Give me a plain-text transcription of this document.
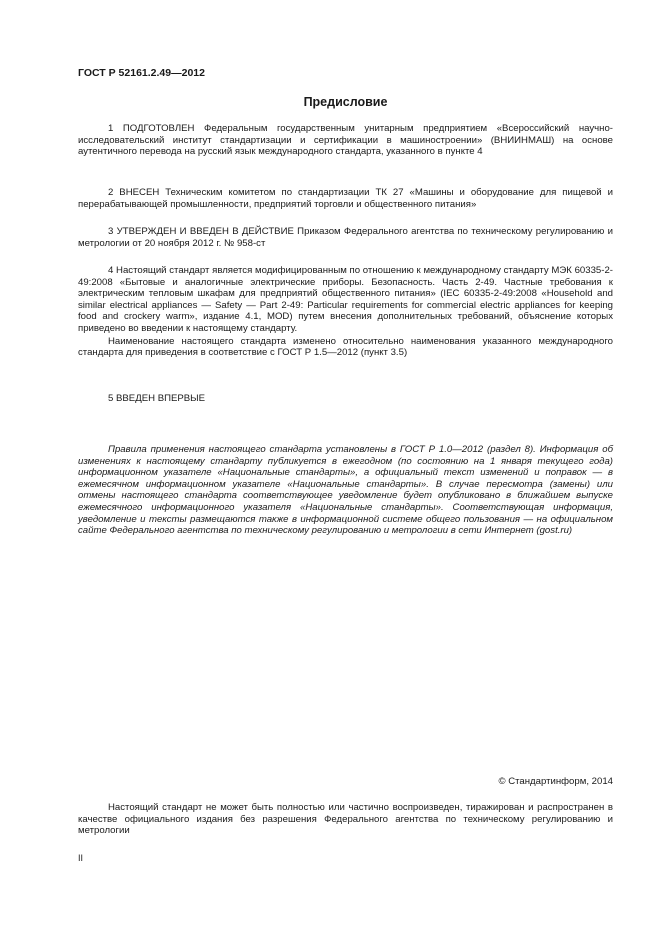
ГОСТ Р 52161.2.49—2012
Предисловие

1 ПОДГОТОВЛЕН Федеральным государственным унитарным предприятием «Всероссийский научно-исследовательский институт стандартизации и сертификации в машиностроении» (ВНИИНМАШ) на основе аутентичного перевода на русский язык международного стандарта, указанного в пункте 4

2 ВНЕСЕН Техническим комитетом по стандартизации ТК 27 «Машины и оборудование для пищевой и перерабатывающей промышленности, предприятий торговли и общественного питания»

3 УТВЕРЖДЕН И ВВЕДЕН В ДЕЙСТВИЕ Приказом Федерального агентства по техническому регулированию и метрологии от 20 ноября 2012 г. № 958-ст

4 Настоящий стандарт является модифицированным по отношению к международному стандарту МЭК 60335-2-49:2008 «Бытовые и аналогичные электрические приборы. Безопасность. Часть 2-49. Частные требования к электрическим тепловым шкафам для предприятий общественного питания» (IEC 60335-2-49:2008 «Household and similar electrical appliances — Safety — Part 2-49: Particular requirements for commercial electric appliances for keeping food and crockery warm», издание 4.1, MOD) путем внесения дополнительных требований, объяснение которых приведено во введении к настоящему стандарту.

Наименование настоящего стандарта изменено относительно наименования указанного международного стандарта для приведения в соответствие с ГОСТ Р 1.5—2012 (пункт 3.5)

5 ВВЕДЕН ВПЕРВЫЕ

Правила применения настоящего стандарта установлены в ГОСТ Р 1.0—2012 (раздел 8). Информация об изменениях к настоящему стандарту публикуется в ежегодном (по состоянию на 1 января текущего года) информационном указателе «Национальные стандарты», а официальный текст изменений и поправок — в ежемесячном информационном указателе «Национальные стандарты». В случае пересмотра (замены) или отмены настоящего стандарта соответствующее уведомление будет опубликовано в ближайшем выпуске ежемесячного информационного указателя «Национальные стандарты». Соответствующая информация, уведомление и тексты размещаются также в информационной системе общего пользования — на официальном сайте Федерального агентства по техническому регулированию и метрологии в сети Интернет (gost.ru)

© Стандартинформ, 2014

Настоящий стандарт не может быть полностью или частично воспроизведен, тиражирован и распространен в качестве официального издания без разрешения Федерального агентства по техническому регулированию и метрологии

II
